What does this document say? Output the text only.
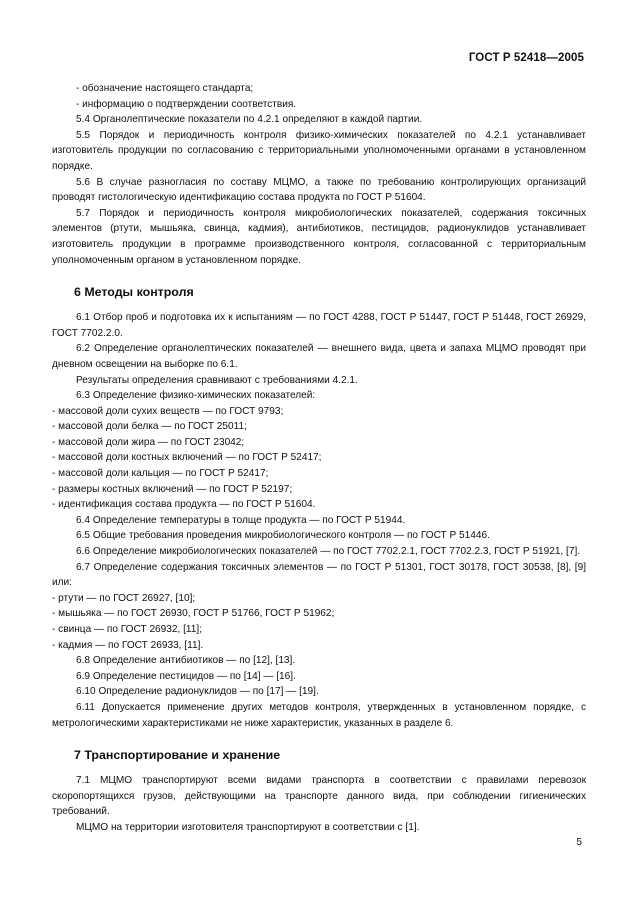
ГОСТ Р 52418—2005

- обозначение настоящего стандарта;

- информацию о подтверждении соответствия.

5.4 Органолептические показатели по 4.2.1 определяют в каждой партии.

5.5 Порядок и периодичность контроля физико-химических показателей по 4.2.1 устанавливает изготовитель продукции по согласованию с территориальными уполномоченными органами в установленном порядке.

5.6 В случае разногласия по составу МЦМО, а также по требованию контролирующих организаций проводят гистологическую идентификацию состава продукта по ГОСТ Р 51604.

5.7 Порядок и периодичность контроля микробиологических показателей, содержания токсичных элементов (ртути, мышьяка, свинца, кадмия), антибиотиков, пестицидов, радионуклидов устанавливает изготовитель продукции в программе производственного контроля, согласованной с территориальным уполномоченным органом в установленном порядке.

6 Методы контроля

6.1 Отбор проб и подготовка их к испытаниям — по ГОСТ 4288, ГОСТ Р 51447, ГОСТ Р 51448, ГОСТ 26929, ГОСТ 7702.2.0.

6.2 Определение органолептических показателей — внешнего вида, цвета и запаха МЦМО проводят при дневном освещении на выборке по 6.1.

Результаты определения сравнивают с требованиями 4.2.1.

6.3 Определение физико-химических показателей:

- массовой доли сухих веществ — по ГОСТ 9793;

- массовой доли белка — по ГОСТ 25011;

- массовой доли жира — по ГОСТ 23042;

- массовой доли костных включений — по ГОСТ Р 52417;

- массовой доли кальция — по ГОСТ Р 52417;

- размеры костных включений — по ГОСТ Р 52197;

- идентификация состава продукта — по ГОСТ Р 51604.

6.4 Определение температуры в толще продукта — по ГОСТ Р 51944.

6.5 Общие требования проведения микробиологического контроля — по ГОСТ Р 51446.

6.6 Определение микробиологических показателей — по ГОСТ 7702.2.1, ГОСТ 7702.2.3, ГОСТ Р 51921, [7].

6.7 Определение содержания токсичных элементов — по ГОСТ Р 51301, ГОСТ 30178, ГОСТ 30538, [8], [9] или:

- ртути — по ГОСТ 26927, [10];

- мышьяка — по ГОСТ 26930, ГОСТ Р 51766, ГОСТ Р 51962;

- свинца — по ГОСТ 26932, [11];

- кадмия — по ГОСТ 26933, [11].

6.8 Определение антибиотиков — по [12], [13].

6.9 Определение пестицидов — по [14] — [16].

6.10 Определение радионуклидов — по [17] — [19].

6.11 Допускается применение других методов контроля, утвержденных в установленном порядке, с метрологическими характеристиками не ниже характеристик, указанных в разделе 6.

7 Транспортирование и хранение

7.1 МЦМО транспортируют всеми видами транспорта в соответствии с правилами перевозок скоропортящихся грузов, действующими на транспорте данного вида, при соблюдении гигиенических требований.

МЦМО на территории изготовителя транспортируют в соответствии с [1].

5
